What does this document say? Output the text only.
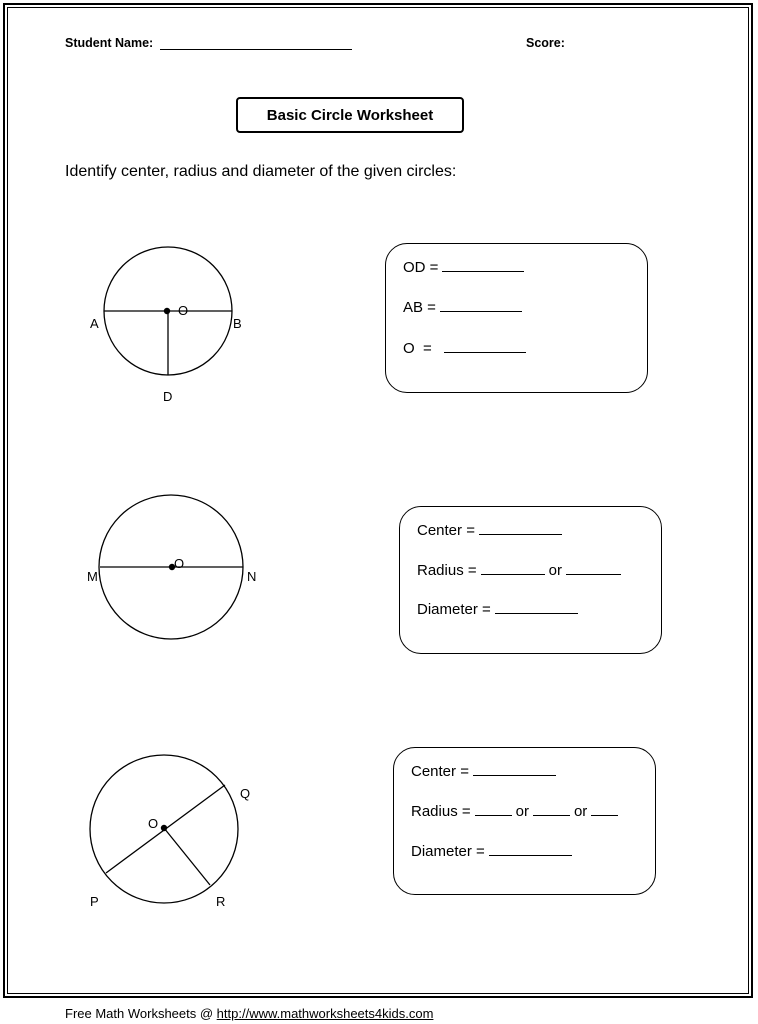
Student Name:	Score:
Basic Circle Worksheet
Identify center, radius and diameter of the given circles:
A	B
O
D
M	N
O
P
Q
R
O
OD =
AB =
O  =
Center =
Radius =	or
Diameter =
Center =
Radius =	or	or
Diameter =
Free Math Worksheets @ http://www.mathworksheets4kids.com
